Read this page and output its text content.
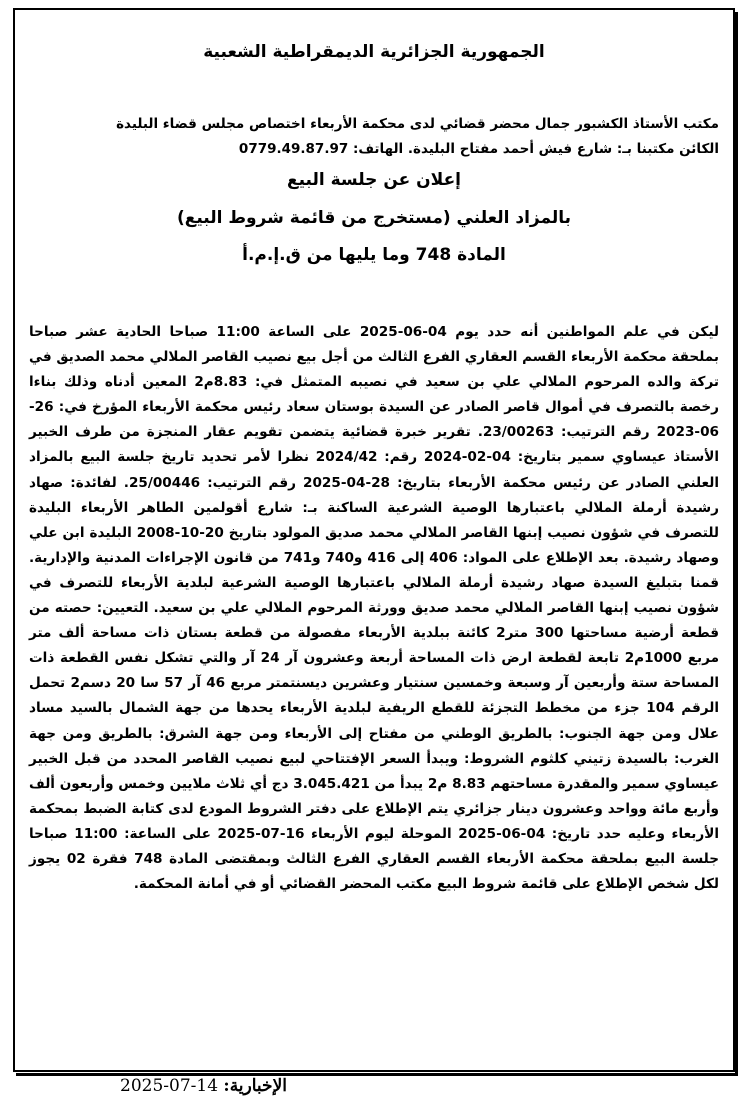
الجمهورية الجزائرية الديمقراطية الشعبية
مكتب الأستاذ الكشبور جمال محضر قضائي لدى محكمة الأربعاء اختصاص مجلس قضاء البليدة
الكائن مكتبنا بـ: شارع فيش أحمد مفتاح البليدة. الهاتف: 0779.49.87.97
إعلان عن جلسة البيع
بالمزاد العلني (مستخرج من قائمة شروط البيع)
المادة 748 وما يليها من ق.إ.م.أ
ليكن في علم المواطنين أنه حدد يوم 04-06-2025 على الساعة 11:00 صباحا الحادية عشر صباحا بملحقة محكمة الأربعاء القسم العقاري الفرع الثالث من أجل بيع نصيب القاصر الملالي محمد الصديق في تركة والده المرحوم الملالي علي بن سعيد في نصيبه المتمثل في: 8.83م2 المعين أدناه وذلك بناءا رخصة بالتصرف في أموال قاصر الصادر عن السيدة بوستان سعاد رئيس محكمة الأربعاء المؤرخ في: 26-06-2023 رقم الترتيب: 23/00263. تقرير خبرة قضائية يتضمن تقويم عقار المنجزة من طرف الخبير الأستاذ عيساوي سمير بتاريخ: 04-02-2024 رقم: 2024/42 نظرا لأمر تحديد تاريخ جلسة البيع بالمزاد العلني الصادر عن رئيس محكمة الأربعاء بتاريخ: 28-04-2025 رقم الترتيب: 25/00446. لفائدة: صهاد رشيدة أرملة الملالي باعتبارها الوصية الشرعية الساكنة بـ: شارع أقولمين الطاهر الأربعاء البليدة للتصرف في شؤون نصيب إبنها القاصر الملالي محمد صديق المولود بتاريخ 20-10-2008 البليدة ابن علي وصهاد رشيدة. بعد الإطلاع على المواد: 406 إلى 416 و740 و741 من قانون الإجراءات المدنية والإدارية. قمنا بتبليغ السيدة صهاد رشيدة أرملة الملالي باعتبارها الوصية الشرعية لبلدية الأربعاء للتصرف في شؤون نصيب إبنها القاصر الملالي محمد صديق وورثة المرحوم الملالي علي بن سعيد. التعيين: حصته من قطعة أرضية مساحتها 300 متر2 كائنة ببلدية الأربعاء مفصولة من قطعة بستان ذات مساحة ألف متر مربع 1000م2 تابعة لقطعة ارض ذات المساحة أربعة وعشرون آر 24 آر والتي تشكل نفس القطعة ذات المساحة ستة وأربعين آر وسبعة وخمسين سنتيار وعشرين ديسنتمتر مربع 46 آر 57 سا 20 دسم2 تحمل الرقم 104 جزء من مخطط التجزئة للقطع الريفية لبلدية الأربعاء يحدها من جهة الشمال بالسيد مساد علال ومن جهة الجنوب: بالطريق الوطني من مفتاح إلى الأربعاء ومن جهة الشرق: بالطريق ومن جهة الغرب: بالسيدة زتيني كلثوم الشروط: ويبدأ السعر الإفتتاحي لبيع نصيب القاصر المحدد من قبل الخبير عيساوي سمير والمقدرة مساحتهم 8.83 م2 يبدأ من 3.045.421 دج أي ثلاث ملايين وخمس وأربعون ألف وأربع مائة وواحد وعشرون دينار جزائري يتم الإطلاع على دفتر الشروط المودع لدى كتابة الضبط بمحكمة الأربعاء وعليه حدد تاريخ: 04-06-2025 الموحلة ليوم الأربعاء 16-07-2025 على الساعة: 11:00 صباحا جلسة البيع بملحقة محكمة الأربعاء القسم العقاري الفرع الثالث وبمقتضى المادة 748 فقرة 02 يجوز لكل شخص الإطلاع على قائمة شروط البيع مكتب المحضر القضائي أو في أمانة المحكمة.
الإخبارية: 2025-07-14
